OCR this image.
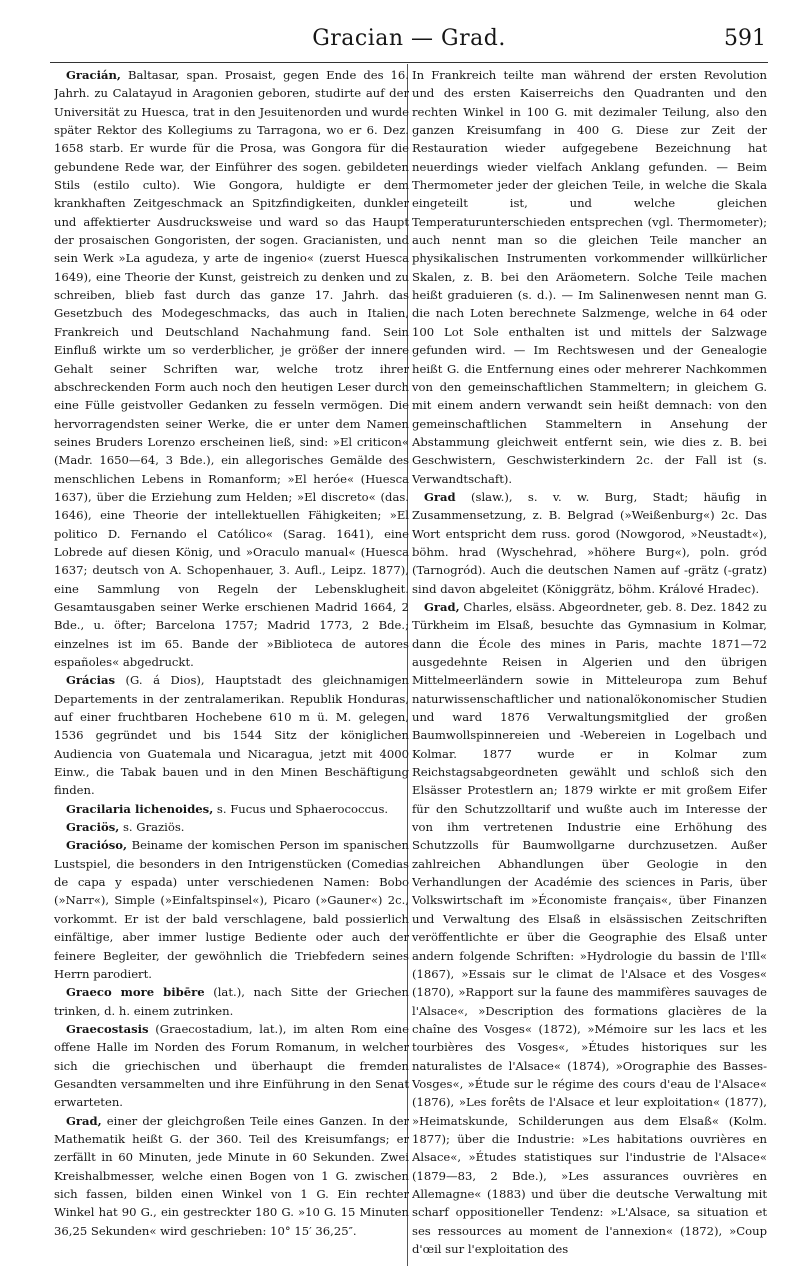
Gracian — Grad.	591

Gracián, Baltasar, span. Prosaist, gegen Ende des 16. Jahrh. zu Calatayud in Aragonien geboren, studirte auf der Universität zu Huesca, trat in den Jesuitenorden und wurde später Rektor des Kollegiums zu Tarragona, wo er 6. Dez. 1658 starb. Er wurde für die Prosa, was Gongora für die gebundene Rede war, der Einführer des sogen. gebildeten Stils (estilo culto). Wie Gongora, huldigte er dem krankhaften Zeitgeschmack an Spitzfindigkeiten, dunkler und affektierter Ausdrucksweise und ward so das Haupt der prosaischen Gongoristen, der sogen. Gracianisten, und sein Werk »La agudeza, y arte de ingenio« (zuerst Huesca 1649), eine Theorie der Kunst, geistreich zu denken und zu schreiben, blieb fast durch das ganze 17. Jahrh. das Gesetzbuch des Modegeschmacks, das auch in Italien, Frankreich und Deutschland Nachahmung fand. Sein Einfluß wirkte um so verderblicher, je größer der innere Gehalt seiner Schriften war, welche trotz ihrer abschreckenden Form auch noch den heutigen Leser durch eine Fülle geistvoller Gedanken zu fesseln vermögen. Die hervorragendsten seiner Werke, die er unter dem Namen seines Bruders Lorenzo erscheinen ließ, sind: »El criticon« (Madr. 1650—64, 3 Bde.), ein allegorisches Gemälde des menschlichen Lebens in Romanform; »El heróe« (Huesca 1637), über die Erziehung zum Helden; »El discreto« (das. 1646), eine Theorie der intellektuellen Fähigkeiten; »El politico D. Fernando el Católico« (Sarag. 1641), eine Lobrede auf diesen König, und »Oraculo manual« (Huesca 1637; deutsch von A. Schopenhauer, 3. Aufl., Leipz. 1877), eine Sammlung von Regeln der Lebensklugheit. Gesamtausgaben seiner Werke erschienen Madrid 1664, 2 Bde., u. öfter; Barcelona 1757; Madrid 1773, 2 Bde.; einzelnes ist im 65. Bande der »Biblioteca de autores españoles« abgedruckt.

Grácias (G. á Dios), Hauptstadt des gleichnamigen Departements in der zentralamerikan. Republik Honduras, auf einer fruchtbaren Hochebene 610 m ü. M. gelegen, 1536 gegründet und bis 1544 Sitz der königlichen Audiencia von Guatemala und Nicaragua, jetzt mit 4000 Einw., die Tabak bauen und in den Minen Beschäftigung finden.

Gracilaria lichenoides, s. Fucus und Sphaerococcus.

Graciös, s. Graziös.

Gracióso, Beiname der komischen Person im spanischen Lustspiel, die besonders in den Intrigenstücken (Comedias de capa y espada) unter verschiedenen Namen: Bobo (»Narr«), Simple (»Einfaltspinsel«), Picaro (»Gauner«) 2c., vorkommt. Er ist der bald verschlagene, bald possierlich einfältige, aber immer lustige Bediente oder auch der feinere Begleiter, der gewöhnlich die Triebfedern seines Herrn parodiert.

Graeco more bibēre (lat.), nach Sitte der Griechen trinken, d. h. einem zutrinken.

Graecostasis (Graecostadium, lat.), im alten Rom eine offene Halle im Norden des Forum Romanum, in welcher sich die griechischen und überhaupt die fremden Gesandten versammelten und ihre Einführung in den Senat erwarteten.

Grad, einer der gleichgroßen Teile eines Ganzen. In der Mathematik heißt G. der 360. Teil des Kreisumfangs; er zerfällt in 60 Minuten, jede Minute in 60 Sekunden. Zwei Kreishalbmesser, welche einen Bogen von 1 G. zwischen sich fassen, bilden einen Winkel von 1 G. Ein rechter Winkel hat 90 G., ein gestreckter 180 G. »10 G. 15 Minuten 36,25 Sekunden« wird geschrieben: 10° 15′ 36,25″.

In Frankreich teilte man während der ersten Revolution und des ersten Kaiserreichs den Quadranten und den rechten Winkel in 100 G. mit dezimaler Teilung, also den ganzen Kreisumfang in 400 G. Diese zur Zeit der Restauration wieder aufgegebene Bezeichnung hat neuerdings wieder vielfach Anklang gefunden. — Beim Thermometer jeder der gleichen Teile, in welche die Skala eingeteilt ist, und welche gleichen Temperaturunterschieden entsprechen (vgl. Thermometer); auch nennt man so die gleichen Teile mancher an physikalischen Instrumenten vorkommender willkürlicher Skalen, z. B. bei den Aräometern. Solche Teile machen heißt graduieren (s. d.). — Im Salinenwesen nennt man G. die nach Loten berechnete Salzmenge, welche in 64 oder 100 Lot Sole enthalten ist und mittels der Salzwage gefunden wird. — Im Rechtswesen und der Genealogie heißt G. die Entfernung eines oder mehrerer Nachkommen von den gemeinschaftlichen Stammeltern; in gleichem G. mit einem andern verwandt sein heißt demnach: von den gemeinschaftlichen Stammeltern in Ansehung der Abstammung gleichweit entfernt sein, wie dies z. B. bei Geschwistern, Geschwisterkindern 2c. der Fall ist (s. Verwandtschaft).

Grad (slaw.), s. v. w. Burg, Stadt; häufig in Zusammensetzung, z. B. Belgrad (»Weißenburg«) 2c. Das Wort entspricht dem russ. gorod (Nowgorod, »Neustadt«), böhm. hrad (Wyschehrad, »höhere Burg«), poln. gród (Tarnogród). Auch die deutschen Namen auf -grätz (-gratz) sind davon abgeleitet (Königgrätz, böhm. Králové Hradec).

Grad, Charles, elsäss. Abgeordneter, geb. 8. Dez. 1842 zu Türkheim im Elsaß, besuchte das Gymnasium in Kolmar, dann die École des mines in Paris, machte 1871—72 ausgedehnte Reisen in Algerien und den übrigen Mittelmeerländern sowie in Mitteleuropa zum Behuf naturwissenschaftlicher und nationalökonomischer Studien und ward 1876 Verwaltungsmitglied der großen Baumwollspinnereien und -Webereien in Logelbach und Kolmar. 1877 wurde er in Kolmar zum Reichstagsabgeordneten gewählt und schloß sich den Elsässer Protestlern an; 1879 wirkte er mit großem Eifer für den Schutzzolltarif und wußte auch im Interesse der von ihm vertretenen Industrie eine Erhöhung des Schutzzolls für Baumwollgarne durchzusetzen. Außer zahlreichen Abhandlungen über Geologie in den Verhandlungen der Académie des sciences in Paris, über Volkswirtschaft im »Économiste français«, über Finanzen und Verwaltung des Elsaß in elsässischen Zeitschriften veröffentlichte er über die Geographie des Elsaß unter andern folgende Schriften: »Hydrologie du bassin de l'Ill« (1867), »Essais sur le climat de l'Alsace et des Vosges« (1870), »Rapport sur la faune des mammifères sauvages de l'Alsace«, »Description des formations glacières de la chaîne des Vosges« (1872), »Mémoire sur les lacs et les tourbières des Vosges«, »Études historiques sur les naturalistes de l'Alsace« (1874), »Orographie des Basses-Vosges«, »Étude sur le régime des cours d'eau de l'Alsace« (1876), »Les forêts de l'Alsace et leur exploitation« (1877), »Heimatskunde, Schilderungen aus dem Elsaß« (Kolm. 1877); über die Industrie: »Les habitations ouvrières en Alsace«, »Études statistiques sur l'industrie de l'Alsace« (1879—83, 2 Bde.), »Les assurances ouvrières en Allemagne« (1883) und über die deutsche Verwaltung mit scharf oppositioneller Tendenz: »L'Alsace, sa situation et ses ressources au moment de l'annexion« (1872), »Coup d'œil sur l'exploitation des
